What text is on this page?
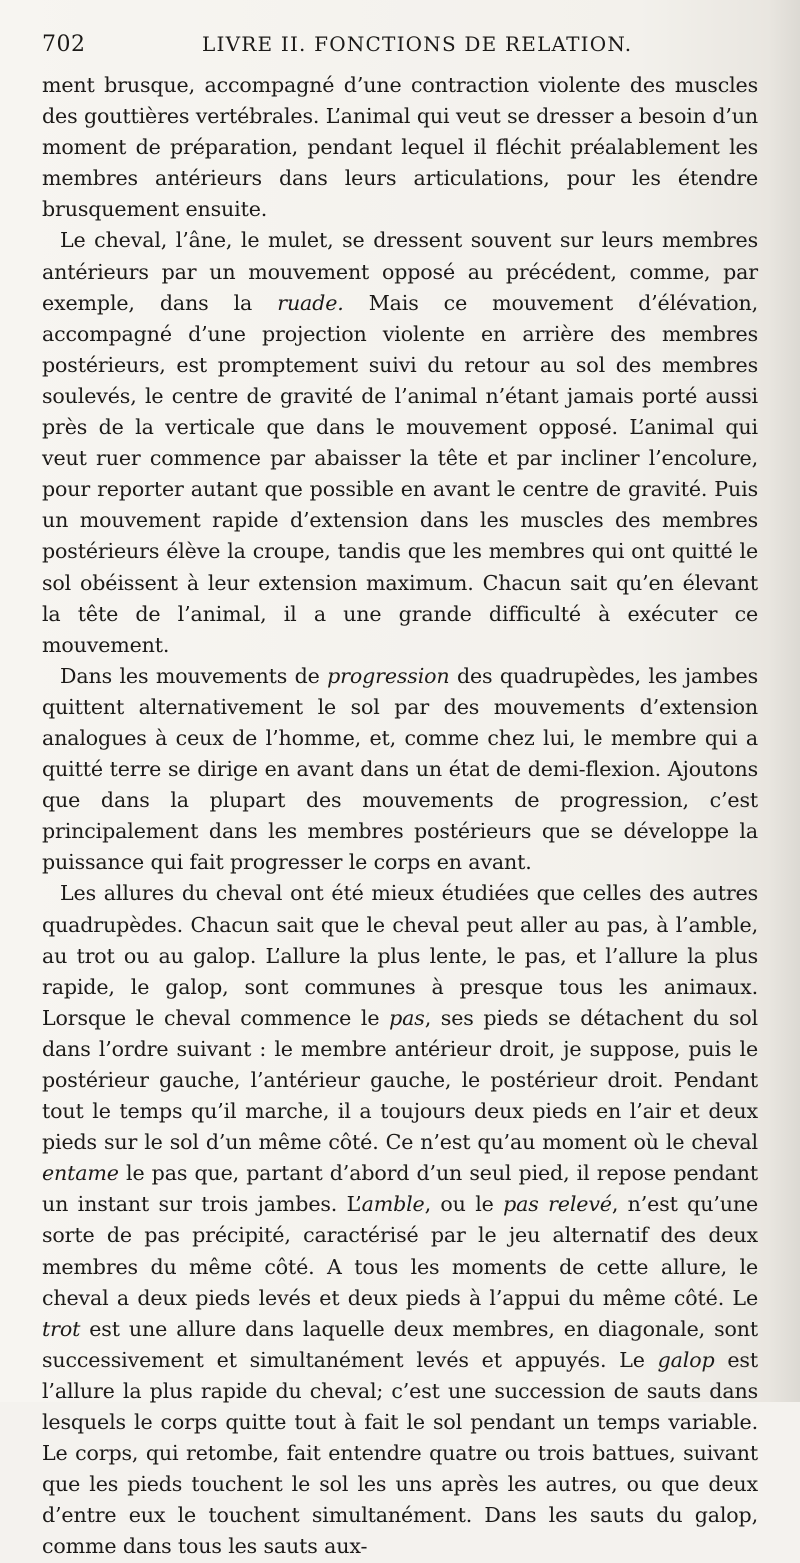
702	LIVRE II. FONCTIONS DE RELATION.

ment brusque, accompagné d’une contraction violente des muscles des gouttières vertébrales. L’animal qui veut se dresser a besoin d’un moment de préparation, pendant lequel il fléchit préalablement les membres antérieurs dans leurs articulations, pour les étendre brusquement ensuite.

Le cheval, l’âne, le mulet, se dressent souvent sur leurs membres antérieurs par un mouvement opposé au précédent, comme, par exemple, dans la ruade. Mais ce mouvement d’élévation, accompagné d’une projection violente en arrière des membres postérieurs, est promptement suivi du retour au sol des membres soulevés, le centre de gravité de l’animal n’étant jamais porté aussi près de la verticale que dans le mouvement opposé. L’animal qui veut ruer commence par abaisser la tête et par incliner l’encolure, pour reporter autant que possible en avant le centre de gravité. Puis un mouvement rapide d’extension dans les muscles des membres postérieurs élève la croupe, tandis que les membres qui ont quitté le sol obéissent à leur extension maximum. Chacun sait qu’en élevant la tête de l’animal, il a une grande difficulté à exécuter ce mouvement.

Dans les mouvements de progression des quadrupèdes, les jambes quittent alternativement le sol par des mouvements d’extension analogues à ceux de l’homme, et, comme chez lui, le membre qui a quitté terre se dirige en avant dans un état de demi-flexion. Ajoutons que dans la plupart des mouvements de progression, c’est principalement dans les membres postérieurs que se développe la puissance qui fait progresser le corps en avant.

Les allures du cheval ont été mieux étudiées que celles des autres quadrupèdes. Chacun sait que le cheval peut aller au pas, à l’amble, au trot ou au galop. L’allure la plus lente, le pas, et l’allure la plus rapide, le galop, sont communes à presque tous les animaux. Lorsque le cheval commence le pas, ses pieds se détachent du sol dans l’ordre suivant : le membre antérieur droit, je suppose, puis le postérieur gauche, l’antérieur gauche, le postérieur droit. Pendant tout le temps qu’il marche, il a toujours deux pieds en l’air et deux pieds sur le sol d’un même côté. Ce n’est qu’au moment où le cheval entame le pas que, partant d’abord d’un seul pied, il repose pendant un instant sur trois jambes. L’amble, ou le pas relevé, n’est qu’une sorte de pas précipité, caractérisé par le jeu alternatif des deux membres du même côté. A tous les moments de cette allure, le cheval a deux pieds levés et deux pieds à l’appui du même côté. Le trot est une allure dans laquelle deux membres, en diagonale, sont successivement et simultanément levés et appuyés. Le galop est l’allure la plus rapide du cheval; c’est une succession de sauts dans lesquels le corps quitte tout à fait le sol pendant un temps variable. Le corps, qui retombe, fait entendre quatre ou trois battues, suivant que les pieds touchent le sol les uns après les autres, ou que deux d’entre eux le touchent simultanément. Dans les sauts du galop, comme dans tous les sauts aux-
